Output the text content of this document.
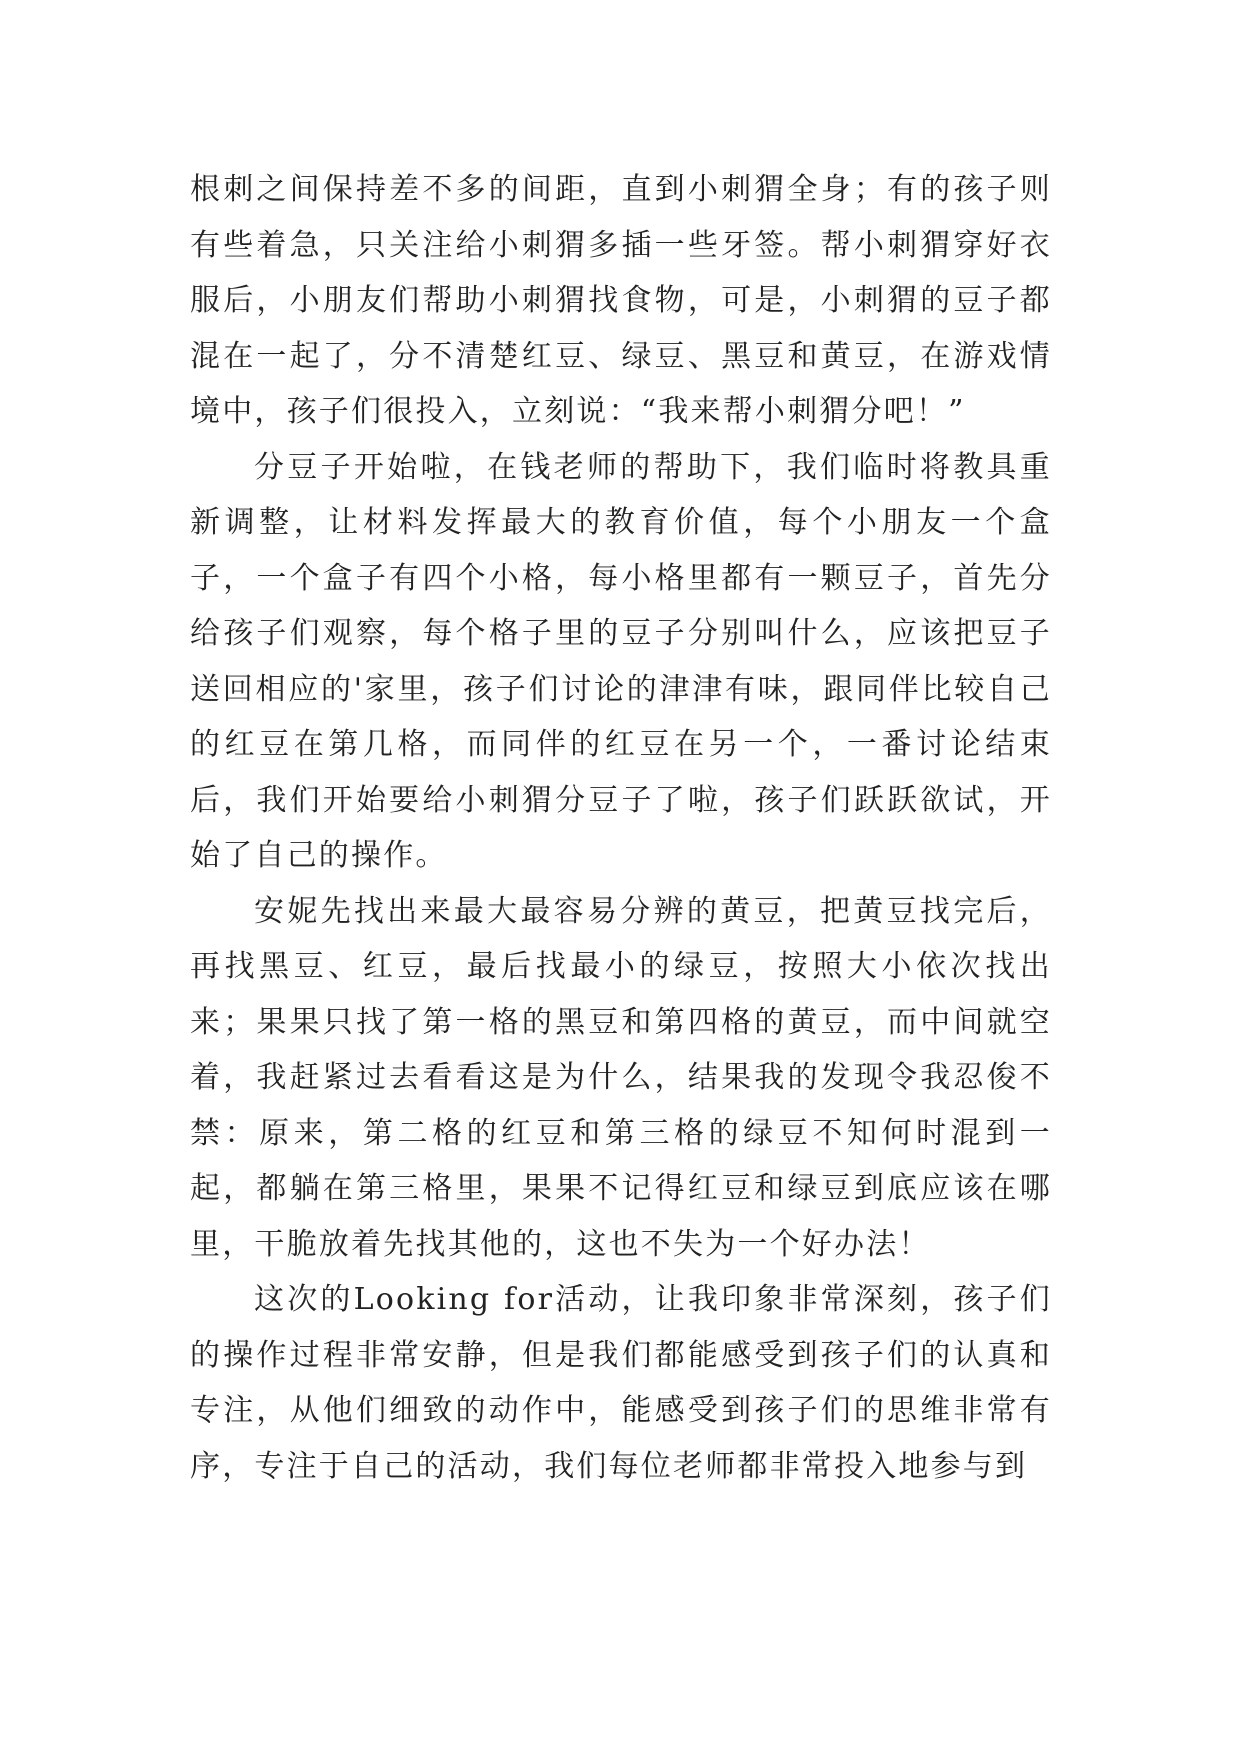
根刺之间保持差不多的间距，直到小刺猬全身；有的孩子则有些着急，只关注给小刺猬多插一些牙签。帮小刺猬穿好衣服后，小朋友们帮助小刺猬找食物，可是，小刺猬的豆子都混在一起了，分不清楚红豆、绿豆、黑豆和黄豆，在游戏情境中，孩子们很投入，立刻说：“我来帮小刺猬分吧！”

分豆子开始啦，在钱老师的帮助下，我们临时将教具重新调整，让材料发挥最大的教育价值，每个小朋友一个盒子，一个盒子有四个小格，每小格里都有一颗豆子，首先分给孩子们观察，每个格子里的豆子分别叫什么，应该把豆子送回相应的'家里，孩子们讨论的津津有味，跟同伴比较自己的红豆在第几格，而同伴的红豆在另一个，一番讨论结束后，我们开始要给小刺猬分豆子了啦，孩子们跃跃欲试，开始了自己的操作。

安妮先找出来最大最容易分辨的黄豆，把黄豆找完后，再找黑豆、红豆，最后找最小的绿豆，按照大小依次找出来；果果只找了第一格的黑豆和第四格的黄豆，而中间就空着，我赶紧过去看看这是为什么，结果我的发现令我忍俊不禁：原来，第二格的红豆和第三格的绿豆不知何时混到一起，都躺在第三格里，果果不记得红豆和绿豆到底应该在哪里，干脆放着先找其他的，这也不失为一个好办法！

这次的Looking for活动，让我印象非常深刻，孩子们的操作过程非常安静，但是我们都能感受到孩子们的认真和专注，从他们细致的动作中，能感受到孩子们的思维非常有序，专注于自己的活动，我们每位老师都非常投入地参与到
